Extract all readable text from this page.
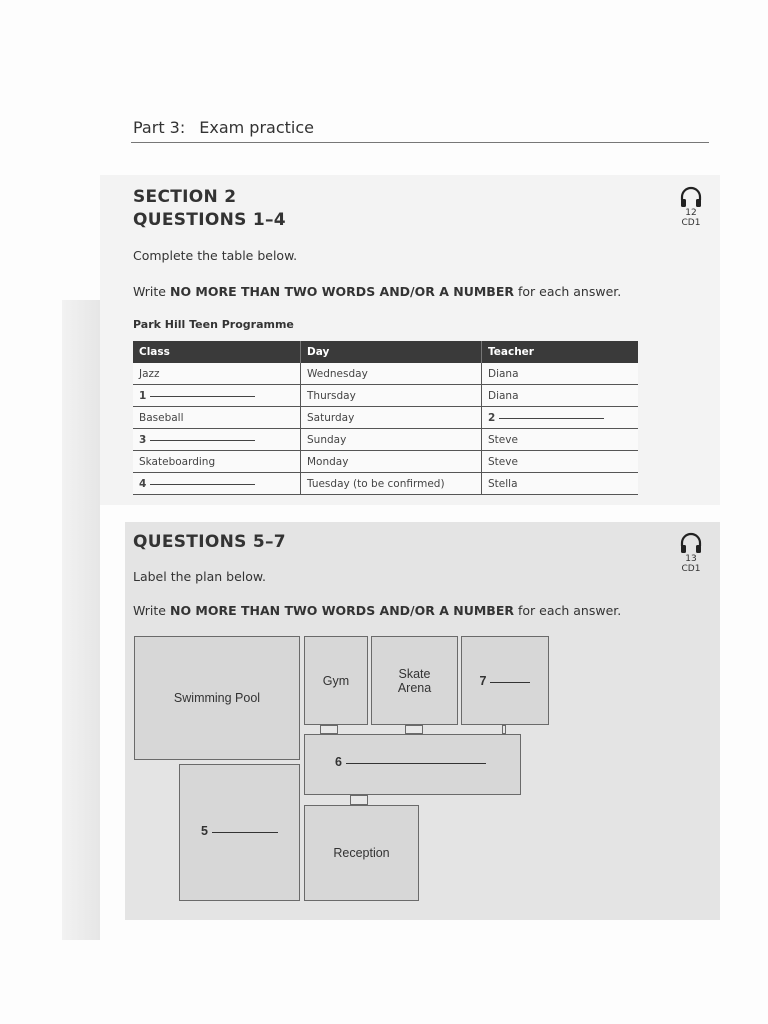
Part 3: Exam practice
SECTION 2
QUESTIONS 1–4	12
CD1
Complete the table below.
Write NO MORE THAN TWO WORDS AND/OR A NUMBER for each answer.
Park Hill Teen Programme
Class	Day	Teacher
Jazz	Wednesday	Diana
1	Thursday	Diana
Baseball	Saturday	2
3	Sunday	Steve
Skateboarding	Monday	Steve
4	Tuesday (to be confirmed)	Stella
QUESTIONS 5–7
13
CD1
Label the plan below.
Write NO MORE THAN TWO WORDS AND/OR A NUMBER for each answer.
Swimming Pool
Gym	Skate
Arena	7
6
5
Reception
